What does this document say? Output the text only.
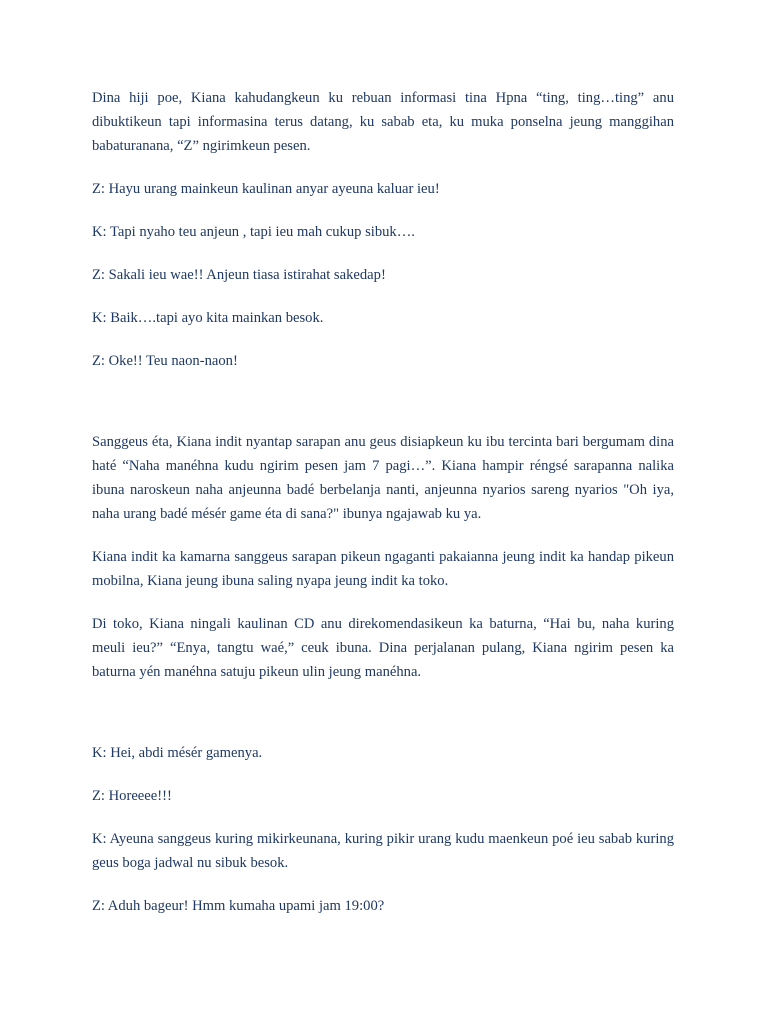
Dina hiji poe, Kiana kahudangkeun ku rebuan informasi tina Hpna “ting, ting…ting” anu dibuktikeun tapi informasina terus datang, ku sabab eta, ku muka ponselna jeung manggihan babaturanana, “Z” ngirimkeun pesen.

Z: Hayu urang mainkeun kaulinan anyar ayeuna kaluar ieu!

K: Tapi nyaho teu anjeun , tapi ieu mah cukup sibuk….

Z: Sakali ieu wae!! Anjeun tiasa istirahat sakedap!

K: Baik….tapi ayo kita mainkan besok.

Z: Oke!! Teu naon-naon!

Sanggeus éta, Kiana indit nyantap sarapan anu geus disiapkeun ku ibu tercinta bari bergumam dina haté “Naha manéhna kudu ngirim pesen jam 7 pagi…”. Kiana hampir réngsé sarapanna nalika ibuna naroskeun naha anjeunna badé berbelanja nanti, anjeunna nyarios sareng nyarios "Oh iya, naha urang badé mésér game éta di sana?" ibunya ngajawab ku ya.

Kiana indit ka kamarna sanggeus sarapan pikeun ngaganti pakaianna jeung indit ka handap pikeun mobilna, Kiana jeung ibuna saling nyapa jeung indit ka toko.

Di toko, Kiana ningali kaulinan CD anu direkomendasikeun ka baturna, “Hai bu, naha kuring meuli ieu?” “Enya, tangtu waé,” ceuk ibuna. Dina perjalanan pulang, Kiana ngirim pesen ka baturna yén manéhna satuju pikeun ulin jeung manéhna.

K: Hei, abdi mésér gamenya.

Z: Horeeee!!!

K: Ayeuna sanggeus kuring mikirkeunana, kuring pikir urang kudu maenkeun poé ieu sabab kuring geus boga jadwal nu sibuk besok.

Z: Aduh bageur! Hmm kumaha upami jam 19:00?
